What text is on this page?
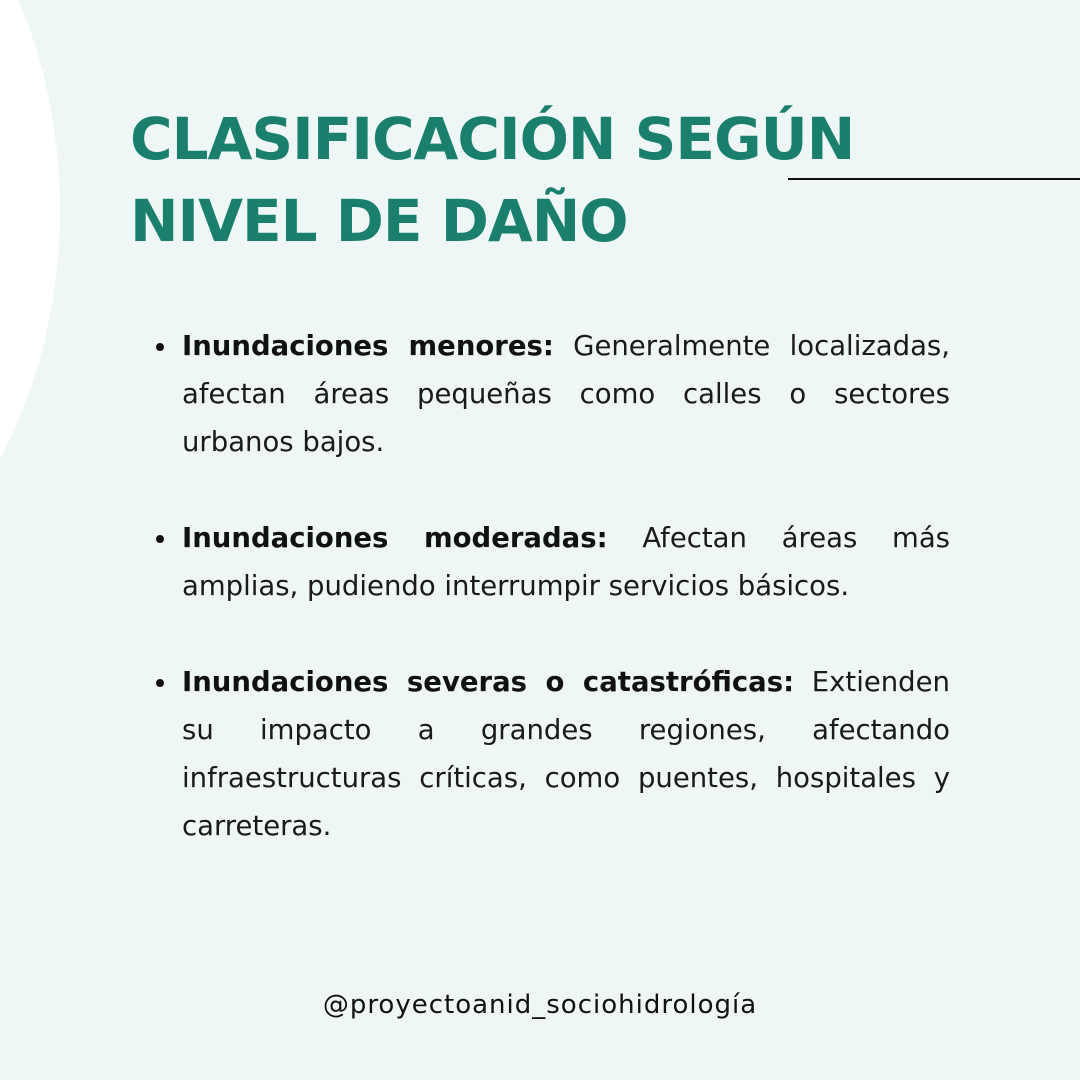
CLASIFICACIÓN SEGÚN
NIVEL DE DAÑO
Inundaciones menores: Generalmente localizadas, afectan áreas pequeñas como calles o sectores urbanos bajos.
Inundaciones moderadas: Afectan áreas más amplias, pudiendo interrumpir servicios básicos.
Inundaciones severas o catastróficas: Extienden su impacto a grandes regiones, afectando infraestructuras críticas, como puentes, hospitales y carreteras.
@proyectoanid_sociohidrología
